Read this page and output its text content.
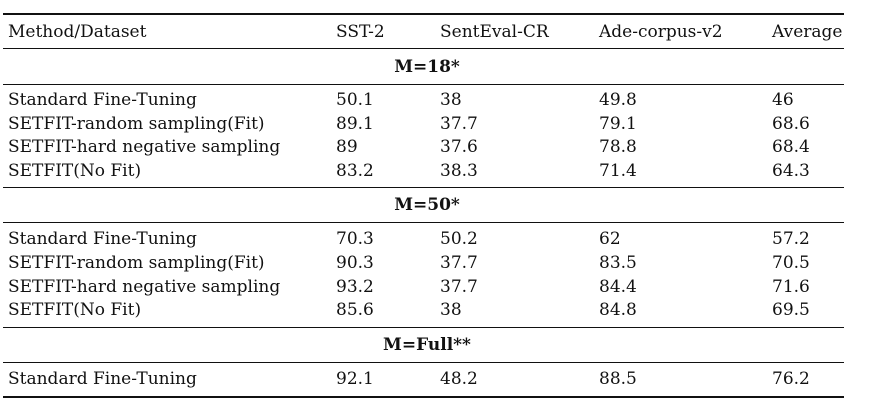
Method/Dataset	SST-2	SentEval-CR	Ade-corpus-v2	Average
M=18*
Standard Fine-Tuning	50.1	38	49.8	46
SETFIT-random sampling(Fit)	89.1	37.7	79.1	68.6
SETFIT-hard negative sampling	89	37.6	78.8	68.4
SETFIT(No Fit)	83.2	38.3	71.4	64.3
M=50*
Standard Fine-Tuning	70.3	50.2	62	57.2
SETFIT-random sampling(Fit)	90.3	37.7	83.5	70.5
SETFIT-hard negative sampling	93.2	37.7	84.4	71.6
SETFIT(No Fit)	85.6	38	84.8	69.5
M=Full**
Standard Fine-Tuning	92.1	48.2	88.5	76.2
